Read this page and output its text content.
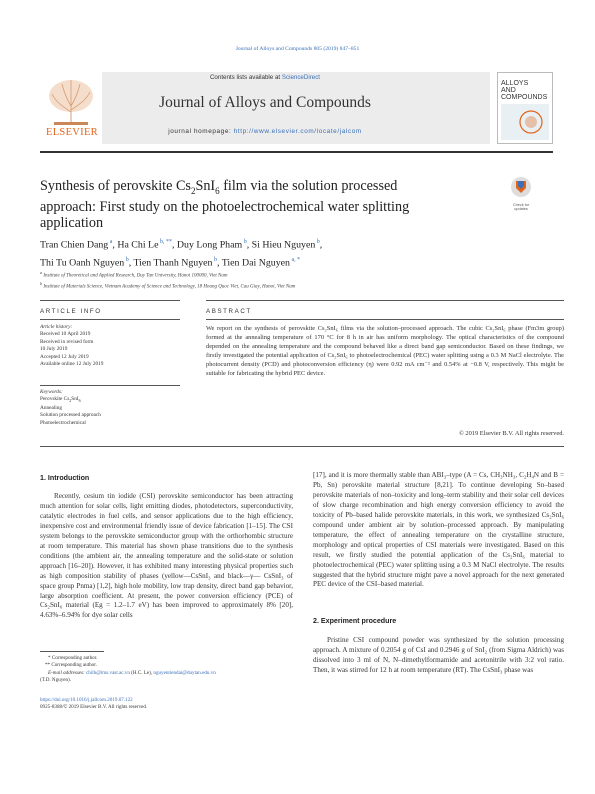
Journal of Alloys and Compounds 805 (2019) 847–851
Contents lists available at ScienceDirect
Journal of Alloys and Compounds
journal homepage: http://www.elsevier.com/locate/jalcom
ELSEVIER
ALLOYS
AND
COMPOUNDS
Synthesis of perovskite $Cs_2SnI_6$ film via the solution processed
approach: First study on the photoelectrochemical water splitting
application
Check for
updates
Tran Chien Dang $^a$, Ha Chi Le $^{b, **}$, Duy Long Pham $^b$, Si Hieu Nguyen $^b$,
Thi Tu Oanh Nguyen $^b$, Tien Thanh Nguyen $^b$, Tien Dai Nguyen $^{a, *}$
$^a$ Institute of Theoretical and Applied Research, Duy Tan University, Hanoi 100000, Viet Nam
$^b$ Institute of Materials Science, Vietnam Academy of Science and Technology, 18 Hoang Quoc Viet, Cau Giay, Hanoi, Viet Nam
ARTICLE INFO	ABSTRACT
Article history:
Received 10 April 2019
Received in revised form
10 July 2019
Accepted 12 July 2019
Available online 12 July 2019
Keywords:
Perovskite $Cs_2SnI_6$
Annealing
Solution processed approach
Photoelectrochemical
We report on the synthesis of perovskite Cs₂SnI₆ films via the solution–processed approach. The cubic Cs₂SnI₆ phase (Fm3m group) formed at the annealing temperature of 170 °C for 8 h in air has uniform morphology. The optical characteristics of the compound depended on the annealing temperature and the compound behaved like a direct band gap semiconductor. Based on these findings, we firstly investigated the potential application of Cs₂SnI₆ to photoelectrochemical (PEC) water splitting using a 0.3 M NaCl electrolyte. The photocurrent density (PCD) and photoconversion efficiency (η) were 0.92 mA cm⁻² and 0.54% at −0.8 V, respectively. This might be suitable for fabricating the hybrid PEC device.
© 2019 Elsevier B.V. All rights reserved.
1. Introduction
Recently, cesium tin iodide (CSI) perovskite semiconductor has been attracting much attention for solar cells, light emitting diodes, photodetectors, superconductivity, catalytic electrodes in fuel cells, and sensor applications due to the high efficiency, inexpensive cost and environmental friendly issue of device fabrication [1–15]. The CSI system belongs to the perovskite semiconductor group with the orthorhombic structure at room temperature. This material has shown phase transitions due to the synthesis conditions (the ambient air, the annealing temperature and the solid-state or solution approach [16–20]). However, it has exhibited many interesting physical properties such as high composition stability of phases (yellow—CsSnI₃ and black—γ— CsSnI₃ of space group Pnma) [1,2], high hole mobility, low trap density, direct band gap behavior, large absorption coefficient. At present, the power conversion efficiency (PCE) of Cs₂SnI₆ material (Eg = 1.2–1.7 eV) has been improved to approximately 8% [20], 4.63%–6.94% for dye solar cells
[17], and it is more thermally stable than ABI₃–type (A = Cs, CH₃NH₃, C₂H₄N and B = Pb, Sn) perovskite material structure [8,21]. To continue developing Sn–based perovskite materials of non–toxicity and long–term stability and their solar cell devices of slow charge recombination and high energy conversion efficiency to avoid the toxicity of Pb–based halide perovskite materials, in this work, we synthesized Cs₂SnI₆ compound under ambient air by solution–processed approach. By manipulating temperature, the effect of annealing temperature on the crystalline structure, morphology and optical properties of CSI materials were investigated. Based on this result, we firstly studied the potential application of the Cs₂SnI₆ material to photoelectrochemical (PEC) water splitting using a 0.3 M NaCl electrolyte. The results suggested that the hybrid structure might pave a novel approach for the next generated PEC device of the CSI–based material.
2. Experiment procedure
Pristine CSI compound powder was synthesized by the solution processing approach. A mixture of 0.2054 g of CsI and 0.2946 g of SnI₂ (from Sigma Aldrich) was dissolved into 3 ml of N, N–dimethylformamide and acetonitrile with 3:2 vol ratio. Then, it was stirred for 12 h at room temperature (RT). The CsSnI₃ phase was
* Corresponding author.
** Corresponding author.
E-mail addresses: chilh@ims.vast.ac.vn (H.C. Le), nguyentiendai@duytan.edu.vn
(T.D. Nguyen).
https://doi.org/10.1016/j.jallcom.2019.07.122
0925-8388/© 2019 Elsevier B.V. All rights reserved.
